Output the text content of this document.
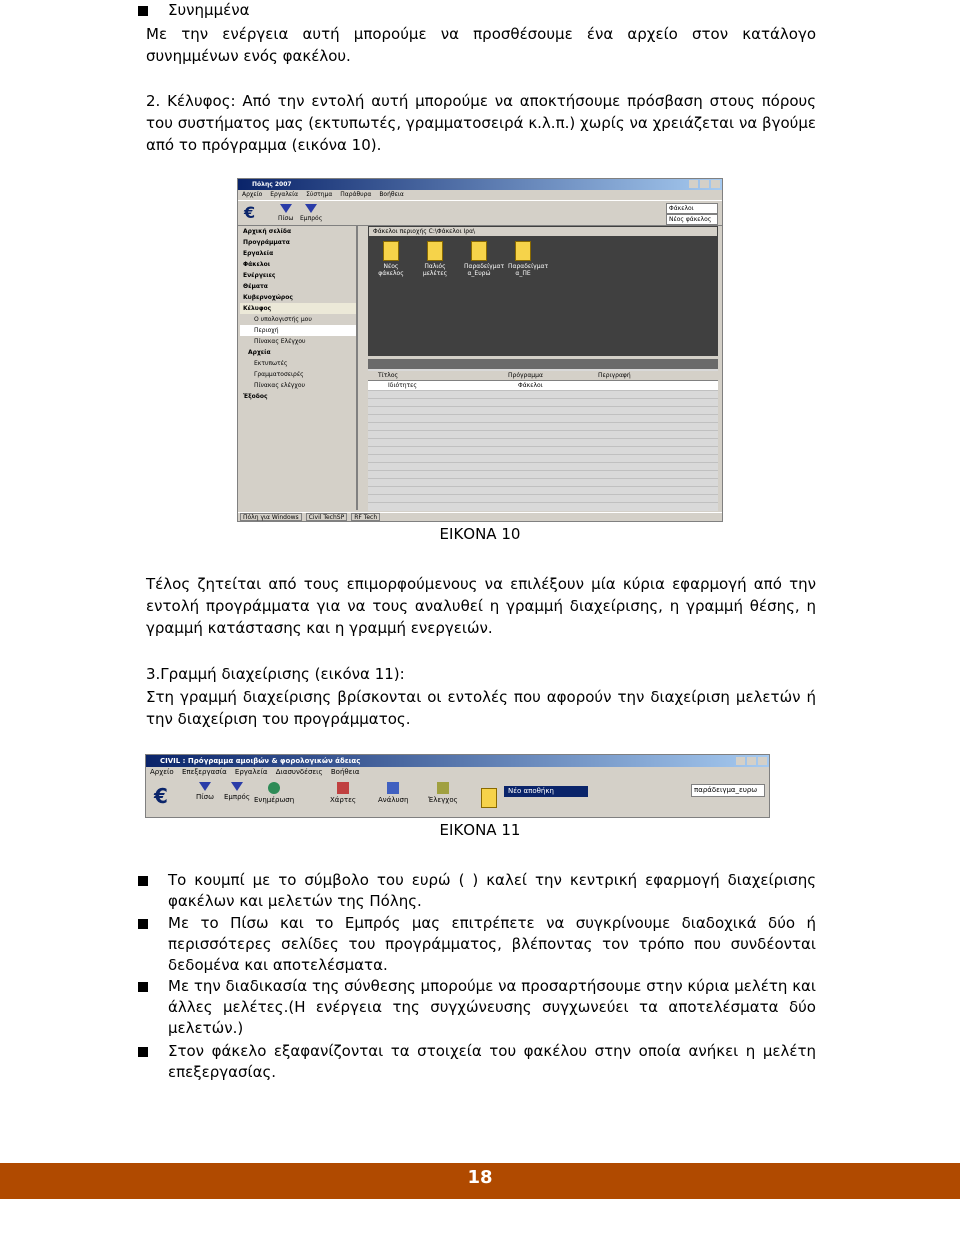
Συνημμένα
Με την ενέργεια αυτή μπορούμε να προσθέσουμε ένα αρχείο στον κατάλογο συνημμένων ενός φακέλου.
2. Κέλυφος: Από την εντολή αυτή μπορούμε να αποκτήσουμε πρόσβαση στους πόρους του συστήματος μας (εκτυπωτές, γραμματοσειρά κ.λ.π.) χωρίς να χρειάζεται να βγούμε από το πρόγραμμα (εικόνα 10).
Πόλης 2007
Αρχείο Εργαλεία Σύστημα Παράθυρα Βοήθεια
€	Πίσω Εμπρός
Φάκελοι
Νέος φάκελος
Αρχική σελίδα
Προγράμματα
Εργαλεία
Φάκελοι
Ενέργειες
Θέματα
Κυβερνοχώρος
Κέλυφος
Ο υπολογιστής μου
Περιοχή
Πίνακας Ελέγχου
Αρχεία
Εκτυπωτές
Γραμματοσειρές
Πίνακας ελέγχου
Έξοδος
Φάκελοι περιοχής C:\Φάκελοι Ιρα\
Νέος φάκελος
Παλιός μελέτες
Παραδείγματ α_Ευρώ
Παραδείγματ α_ΠΕ
Τίτλος	Πρόγραμμα	Περιγραφή
Ιδιότητες	Φάκελοι
Πόλη για Windows	Civil TechSP	RF Tech
ΕΙΚΟΝΑ 10
Τέλος ζητείται από τους επιμορφούμενους να επιλέξουν μία κύρια εφαρμογή από την εντολή προγράμματα για να τους αναλυθεί η γραμμή διαχείρισης, η γραμμή θέσης, η γραμμή κατάστασης και η γραμμή ενεργειών.
3.Γραμμή διαχείρισης (εικόνα 11):
Στη γραμμή διαχείρισης βρίσκονται οι εντολές που αφορούν την διαχείριση μελετών ή την διαχείριση του προγράμματος.
CIVIL : Πρόγραμμα αμοιβών & φορολογικών άδειας
Αρχείο Επεξεργασία Εργαλεία Διασυνδέσεις Βοήθεια
€	Πίσω Εμπρός Ενημέρωση	Χάρτες	Ανάλυση	Έλεγχος
Νέο αποθήκη	παράδειγμα_ευρω
ΕΙΚΟΝΑ 11
Το κουμπί με το σύμβολο του ευρώ ( ) καλεί την κεντρική εφαρμογή διαχείρισης φακέλων και μελετών της Πόλης.
Με το Πίσω και το Εμπρός μας επιτρέπετε να συγκρίνουμε διαδοχικά δύο ή περισσότερες σελίδες του προγράμματος, βλέποντας τον τρόπο που συνδέονται δεδομένα και αποτελέσματα.
Με την διαδικασία της σύνθεσης μπορούμε να προσαρτήσουμε στην κύρια μελέτη και άλλες μελέτες.(Η ενέργεια της συγχώνευσης συγχωνεύει τα αποτελέσματα δύο μελετών.)
Στον φάκελο εξαφανίζονται τα στοιχεία του φακέλου στην οποία ανήκει η μελέτη επεξεργασίας.
18
